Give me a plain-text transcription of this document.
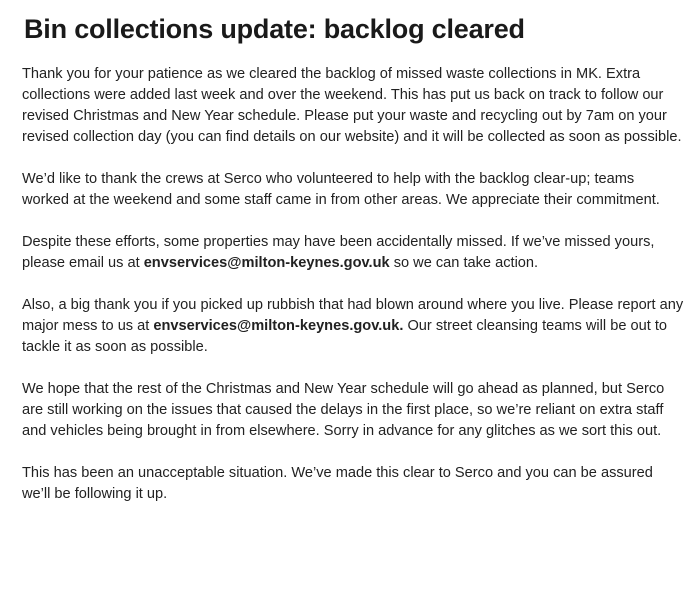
Bin collections update: backlog cleared

Thank you for your patience as we cleared the backlog of missed waste collections in MK. Extra collections were added last week and over the weekend. This has put us back on track to follow our revised Christmas and New Year schedule. Please put your waste and recycling out by 7am on your revised collection day (you can find details on our website) and it will be collected as soon as possible.

We’d like to thank the crews at Serco who volunteered to help with the backlog clear-up; teams worked at the weekend and some staff came in from other areas. We appreciate their commitment.

Despite these efforts, some properties may have been accidentally missed. If we’ve missed yours, please email us at envservices@milton-keynes.gov.uk so we can take action.

Also, a big thank you if you picked up rubbish that had blown around where you live. Please report any major mess to us at envservices@milton-keynes.gov.uk. Our street cleansing teams will be out to tackle it as soon as possible.

We hope that the rest of the Christmas and New Year schedule will go ahead as planned, but Serco are still working on the issues that caused the delays in the first place, so we’re reliant on extra staff and vehicles being brought in from elsewhere. Sorry in advance for any glitches as we sort this out.

This has been an unacceptable situation. We’ve made this clear to Serco and you can be assured we’ll be following it up.
